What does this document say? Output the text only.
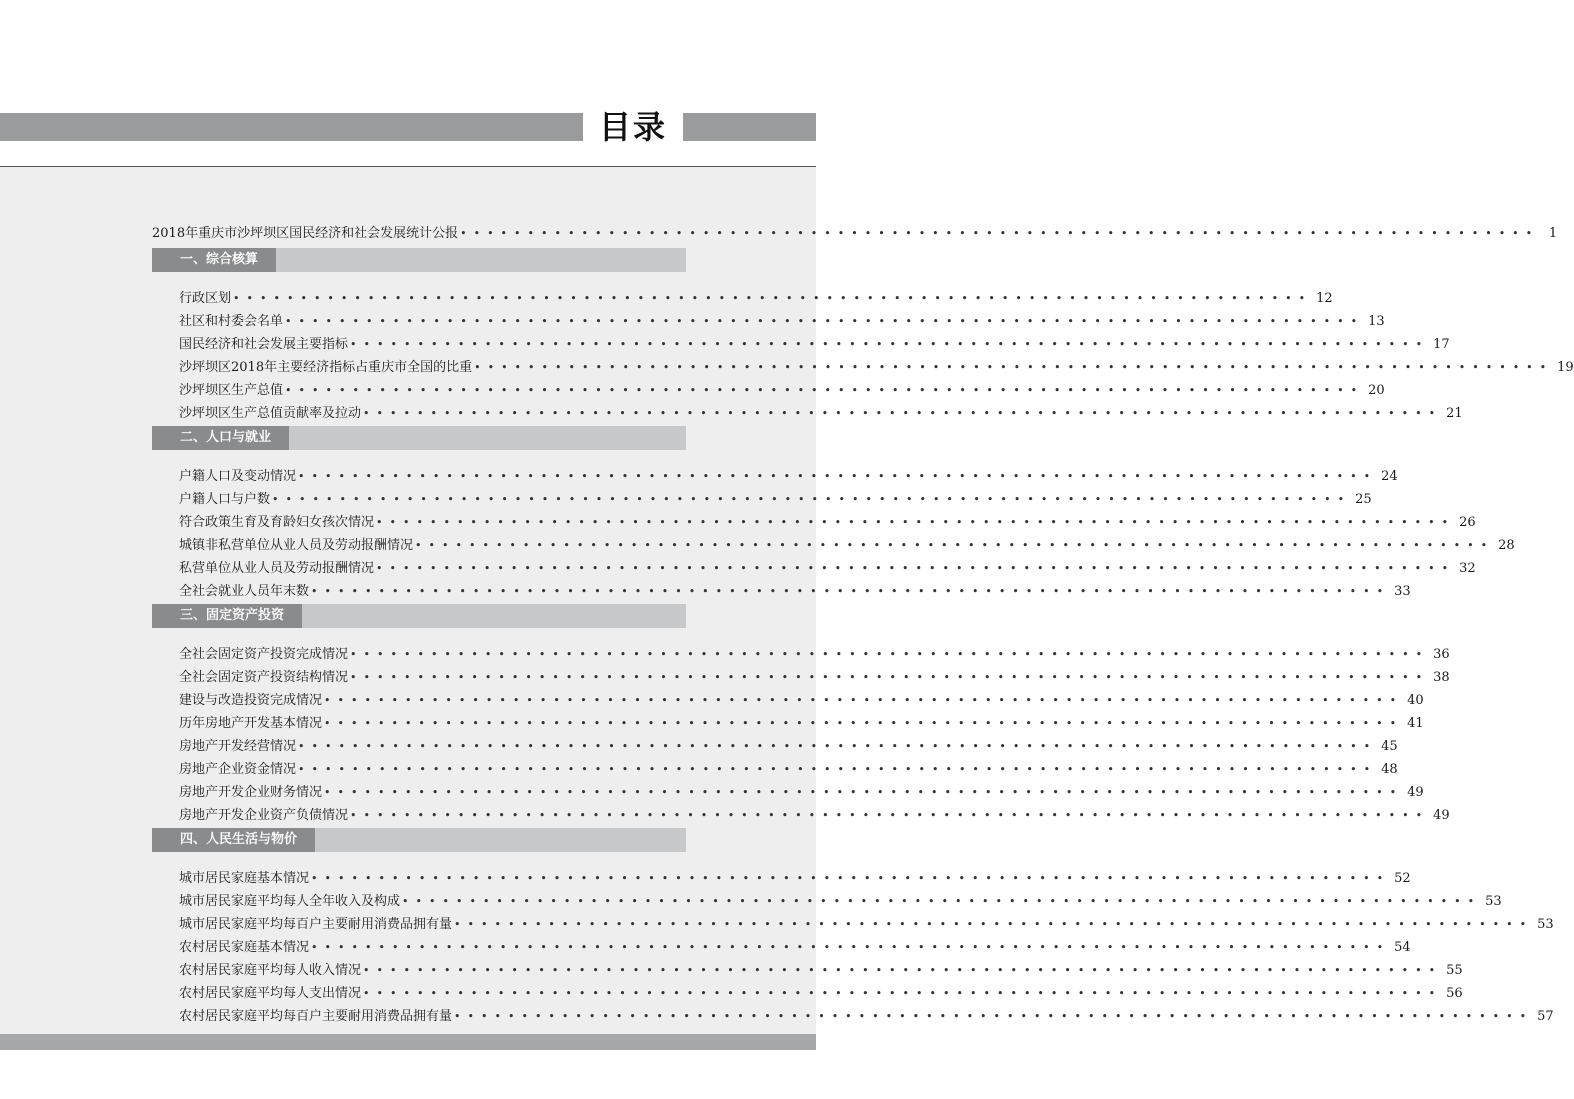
目录
2018年重庆市沙坪坝区国民经济和社会发展统计公报 •••••••••••••••••••••••••••••••••••••••••••••••••••••••••••••••••••••••••••••••• 1
一、综合核算
行政区划 •••••••••••••••••••••••••••••••••••••••••••••••••••••••••••••••••••••••••••••••• 12
社区和村委会名单 •••••••••••••••••••••••••••••••••••••••••••••••••••••••••••••••••••••••••••••••• 13
国民经济和社会发展主要指标 •••••••••••••••••••••••••••••••••••••••••••••••••••••••••••••••••••••••••••••••• 17
沙坪坝区2018年主要经济指标占重庆市全国的比重 •••••••••••••••••••••••••••••••••••••••••••••••••••••••••••••••••••••••••••••••• 19
沙坪坝区生产总值 •••••••••••••••••••••••••••••••••••••••••••••••••••••••••••••••••••••••••••••••• 20
沙坪坝区生产总值贡献率及拉动 •••••••••••••••••••••••••••••••••••••••••••••••••••••••••••••••••••••••••••••••• 21
二、人口与就业
户籍人口及变动情况 •••••••••••••••••••••••••••••••••••••••••••••••••••••••••••••••••••••••••••••••• 24
户籍人口与户数 •••••••••••••••••••••••••••••••••••••••••••••••••••••••••••••••••••••••••••••••• 25
符合政策生育及育龄妇女孩次情况 •••••••••••••••••••••••••••••••••••••••••••••••••••••••••••••••••••••••••••••••• 26
城镇非私营单位从业人员及劳动报酬情况 •••••••••••••••••••••••••••••••••••••••••••••••••••••••••••••••••••••••••••••••• 28
私营单位从业人员及劳动报酬情况 •••••••••••••••••••••••••••••••••••••••••••••••••••••••••••••••••••••••••••••••• 32
全社会就业人员年末数 •••••••••••••••••••••••••••••••••••••••••••••••••••••••••••••••••••••••••••••••• 33
三、固定资产投资
全社会固定资产投资完成情况 •••••••••••••••••••••••••••••••••••••••••••••••••••••••••••••••••••••••••••••••• 36
全社会固定资产投资结构情况 •••••••••••••••••••••••••••••••••••••••••••••••••••••••••••••••••••••••••••••••• 38
建设与改造投资完成情况 •••••••••••••••••••••••••••••••••••••••••••••••••••••••••••••••••••••••••••••••• 40
历年房地产开发基本情况 •••••••••••••••••••••••••••••••••••••••••••••••••••••••••••••••••••••••••••••••• 41
房地产开发经营情况 •••••••••••••••••••••••••••••••••••••••••••••••••••••••••••••••••••••••••••••••• 45
房地产企业资金情况 •••••••••••••••••••••••••••••••••••••••••••••••••••••••••••••••••••••••••••••••• 48
房地产开发企业财务情况 •••••••••••••••••••••••••••••••••••••••••••••••••••••••••••••••••••••••••••••••• 49
房地产开发企业资产负债情况 •••••••••••••••••••••••••••••••••••••••••••••••••••••••••••••••••••••••••••••••• 49
四、人民生活与物价
城市居民家庭基本情况 •••••••••••••••••••••••••••••••••••••••••••••••••••••••••••••••••••••••••••••••• 52
城市居民家庭平均每人全年收入及构成 •••••••••••••••••••••••••••••••••••••••••••••••••••••••••••••••••••••••••••••••• 53
城市居民家庭平均每百户主要耐用消费品拥有量 •••••••••••••••••••••••••••••••••••••••••••••••••••••••••••••••••••••••••••••••• 53
农村居民家庭基本情况 •••••••••••••••••••••••••••••••••••••••••••••••••••••••••••••••••••••••••••••••• 54
农村居民家庭平均每人收入情况 •••••••••••••••••••••••••••••••••••••••••••••••••••••••••••••••••••••••••••••••• 55
农村居民家庭平均每人支出情况 •••••••••••••••••••••••••••••••••••••••••••••••••••••••••••••••••••••••••••••••• 56
农村居民家庭平均每百户主要耐用消费品拥有量 •••••••••••••••••••••••••••••••••••••••••••••••••••••••••••••••••••••••••••••••• 57
